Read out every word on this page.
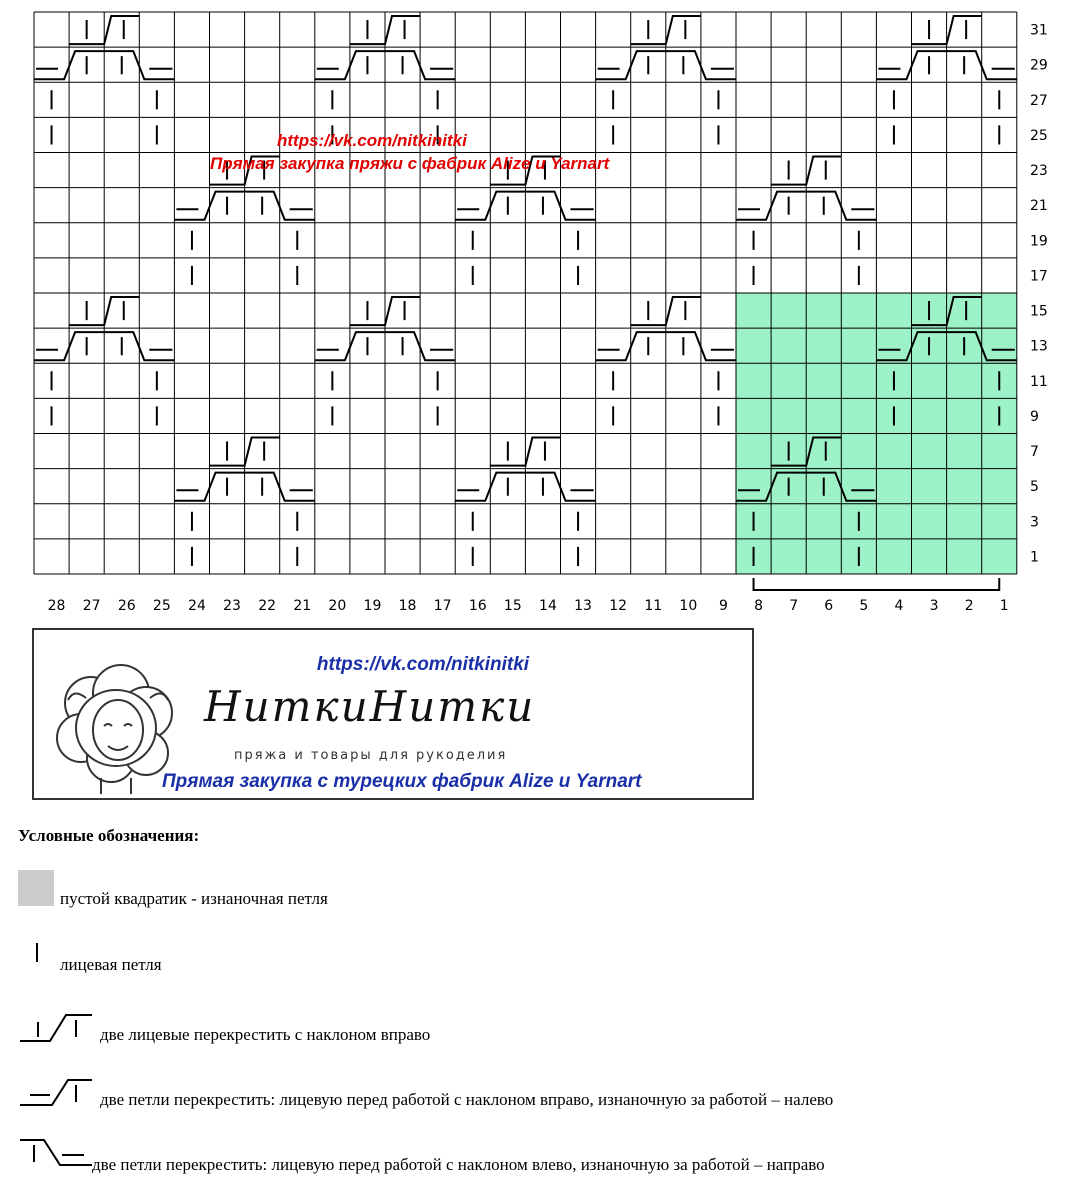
31
29
27
25
23
21
19
17
15
13
11
9
7
5
3
1
28 27 26 25 24 23 22 21 20 19 18 17 16 15 14 13 12 11 10 9 8 7 6 5 4 3 2 1
https://vk.com/nitkinitki
Прямая закупка пряжи с фабрик Alize и Yarnart
https://vk.com/nitkinitki
НиткиНитки
пряжа и товары для рукоделия
Прямая закупка с турецких фабрик Alize и Yarnart
Условные обозначения:
пустой квадратик - изнаночная петля
лицевая петля
две лицевые перекрестить с наклоном вправо
две петли перекрестить: лицевую перед работой с наклоном вправо, изнаночную за работой – налево
две петли перекрестить: лицевую перед работой с наклоном влево, изнаночную за работой – направо
